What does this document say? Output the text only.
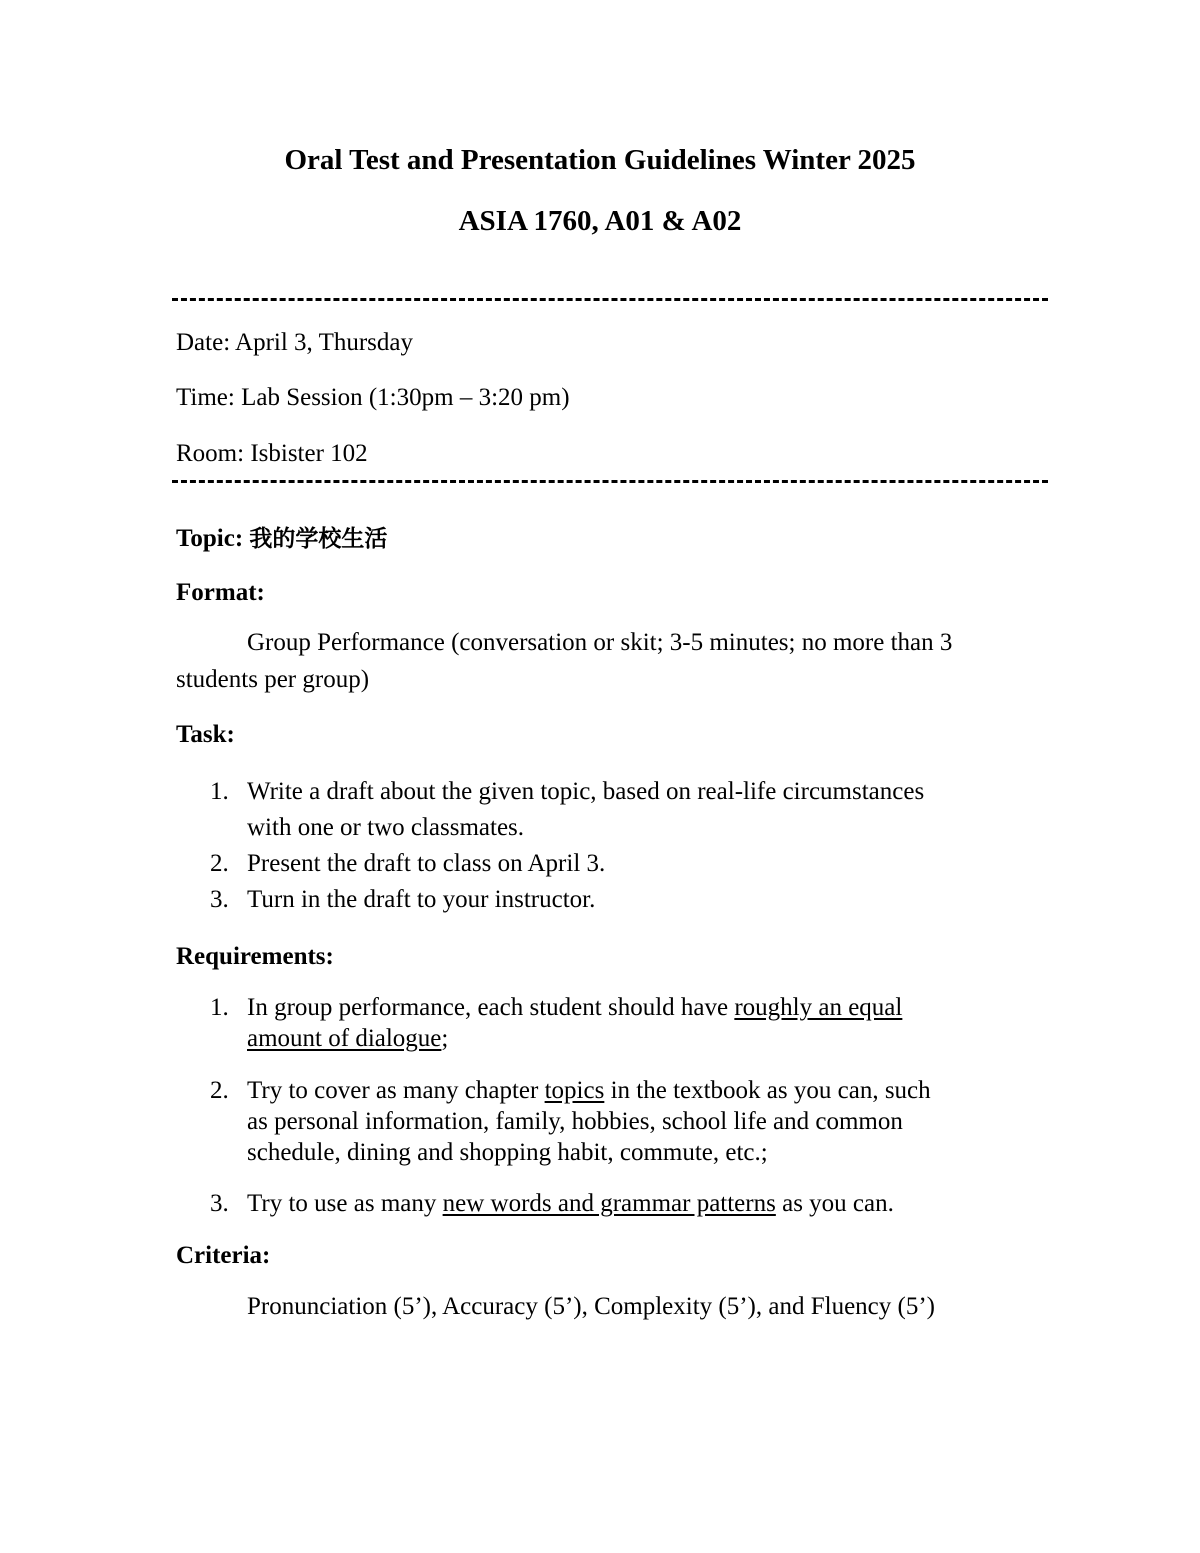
Oral Test and Presentation Guidelines Winter 2025
ASIA 1760, A01 & A02
Date: April 3, Thursday
Time: Lab Session (1:30pm – 3:20 pm)
Room: Isbister 102
Topic: 我的学校生活
Format:
Group Performance (conversation or skit; 3-5 minutes; no more than 3
students per group)
Task:
1. Write a draft about the given topic, based on real-life circumstances
with one or two classmates.
2. Present the draft to class on April 3.
3. Turn in the draft to your instructor.
Requirements:
1. In group performance, each student should have roughly an equal
amount of dialogue;
2. Try to cover as many chapter topics in the textbook as you can, such
as personal information, family, hobbies, school life and common
schedule, dining and shopping habit, commute, etc.;
3. Try to use as many new words and grammar patterns as you can.
Criteria:
Pronunciation (5’), Accuracy (5’), Complexity (5’), and Fluency (5’)
